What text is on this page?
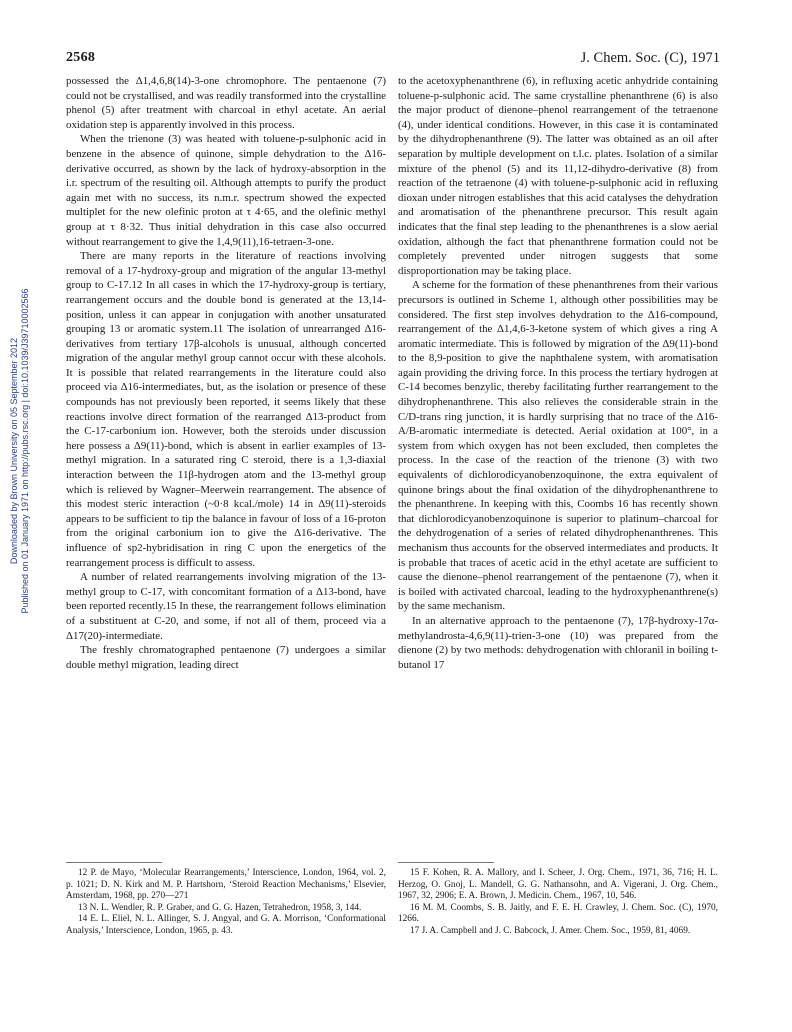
2568	J. Chem. Soc. (C), 1971
Downloaded by Brown University on 05 September 2012 Published on 01 January 1971 on http://pubs.rsc.org | doi:10.1039/J39710002566

possessed the Δ1,4,6,8(14)-3-one chromophore. The pentaenone (7) could not be crystallised, and was readily transformed into the crystalline phenol (5) after treatment with charcoal in ethyl acetate. An aerial oxidation step is apparently involved in this process.

When the trienone (3) was heated with toluene-p-sulphonic acid in benzene in the absence of quinone, simple dehydration to the Δ16-derivative occurred, as shown by the lack of hydroxy-absorption in the i.r. spectrum of the resulting oil. Although attempts to purify the product again met with no success, its n.m.r. spectrum showed the expected multiplet for the new olefinic proton at τ 4·65, and the olefinic methyl group at τ 8·32. Thus initial dehydration in this case also occurred without rearrangement to give the 1,4,9(11),16-tetraen-3-one.

There are many reports in the literature of reactions involving removal of a 17-hydroxy-group and migration of the angular 13-methyl group to C-17.12 In all cases in which the 17-hydroxy-group is tertiary, rearrangement occurs and the double bond is generated at the 13,14-position, unless it can appear in conjugation with another unsaturated grouping 13 or aromatic system.11 The isolation of unrearranged Δ16-derivatives from tertiary 17β-alcohols is unusual, although concerted migration of the angular methyl group cannot occur with these alcohols. It is possible that related rearrangements in the literature could also proceed via Δ16-intermediates, but, as the isolation or presence of these compounds has not previously been reported, it seems likely that these reactions involve direct formation of the rearranged Δ13-product from the C-17-carbonium ion. However, both the steroids under discussion here possess a Δ9(11)-bond, which is absent in earlier examples of 13-methyl migration. In a saturated ring C steroid, there is a 1,3-diaxial interaction between the 11β-hydrogen atom and the 13-methyl group which is relieved by Wagner–Meerwein rearrangement. The absence of this modest steric interaction (~0·8 kcal./mole) 14 in Δ9(11)-steroids appears to be sufficient to tip the balance in favour of loss of a 16-proton from the original carbonium ion to give the Δ16-derivative. The influence of sp2-hybridisation in ring C upon the energetics of the rearrangement process is difficult to assess.

A number of related rearrangements involving migration of the 13-methyl group to C-17, with concomitant formation of a Δ13-bond, have been reported recently.15 In these, the rearrangement follows elimination of a substituent at C-20, and some, if not all of them, proceed via a Δ17(20)-intermediate.

The freshly chromatographed pentaenone (7) undergoes a similar double methyl migration, leading direct

to the acetoxyphenanthrene (6), in refluxing acetic anhydride containing toluene-p-sulphonic acid. The same crystalline phenanthrene (6) is also the major product of dienone–phenol rearrangement of the tetraenone (4), under identical conditions. However, in this case it is contaminated by the dihydrophenanthrene (9). The latter was obtained as an oil after separation by multiple development on t.l.c. plates. Isolation of a similar mixture of the phenol (5) and its 11,12-dihydro-derivative (8) from reaction of the tetraenone (4) with toluene-p-sulphonic acid in refluxing dioxan under nitrogen establishes that this acid catalyses the dehydration and aromatisation of the phenanthrene precursor. This result again indicates that the final step leading to the phenanthrenes is a slow aerial oxidation, although the fact that phenanthrene formation could not be completely prevented under nitrogen suggests that some disproportionation may be taking place.

A scheme for the formation of these phenanthrenes from their various precursors is outlined in Scheme 1, although other possibilities may be considered. The first step involves dehydration to the Δ16-compound, rearrangement of the Δ1,4,6-3-ketone system of which gives a ring A aromatic intermediate. This is followed by migration of the Δ9(11)-bond to the 8,9-position to give the naphthalene system, with aromatisation again providing the driving force. In this process the tertiary hydrogen at C-14 becomes benzylic, thereby facilitating further rearrangement to the dihydrophenanthrene. This also relieves the considerable strain in the C/D-trans ring junction, it is hardly surprising that no trace of the Δ16-A/B-aromatic intermediate is detected. Aerial oxidation at 100°, in a system from which oxygen has not been excluded, then completes the process. In the case of the reaction of the trienone (3) with two equivalents of dichlorodicyanobenzoquinone, the extra equivalent of quinone brings about the final oxidation of the dihydrophenanthrene to the phenanthrene. In keeping with this, Coombs 16 has recently shown that dichlorodicyanobenzoquinone is superior to platinum–charcoal for the dehydrogenation of a series of related dihydrophenanthrenes. This mechanism thus accounts for the observed intermediates and products. It is probable that traces of acetic acid in the ethyl acetate are sufficient to cause the dienone–phenol rearrangement of the pentaenone (7), when it is boiled with activated charcoal, leading to the hydroxyphenanthrene(s) by the same mechanism.

In an alternative approach to the pentaenone (7), 17β-hydroxy-17α-methylandrosta-4,6,9(11)-trien-3-one (10) was prepared from the dienone (2) by two methods: dehydrogenation with chloranil in boiling t-butanol 17

12 P. de Mayo, ‘Molecular Rearrangements,’ Interscience, London, 1964, vol. 2, p. 1021; D. N. Kirk and M. P. Hartshorn, ‘Steroid Reaction Mechanisms,’ Elsevier, Amsterdam, 1968, pp. 270—271
13 N. L. Wendler, R. P. Graber, and G. G. Hazen, Tetrahedron, 1958, 3, 144.
14 E. L. Eliel, N. L. Allinger, S. J. Angyal, and G. A. Morrison, ‘Conformational Analysis,’ Interscience, London, 1965, p. 43.
15 F. Kohen, R. A. Mallory, and I. Scheer, J. Org. Chem., 1971, 36, 716; H. L. Herzog, O. Gnoj, L. Mandell, G. G. Nathansohn, and A. Vigerani, J. Org. Chem., 1967, 32, 2906; E. A. Brown, J. Medicin. Chem., 1967, 10, 546.
16 M. M. Coombs, S. B. Jaitly, and F. E. H. Crawley, J. Chem. Soc. (C), 1970, 1266.
17 J. A. Campbell and J. C. Babcock, J. Amer. Chem. Soc., 1959, 81, 4069.
